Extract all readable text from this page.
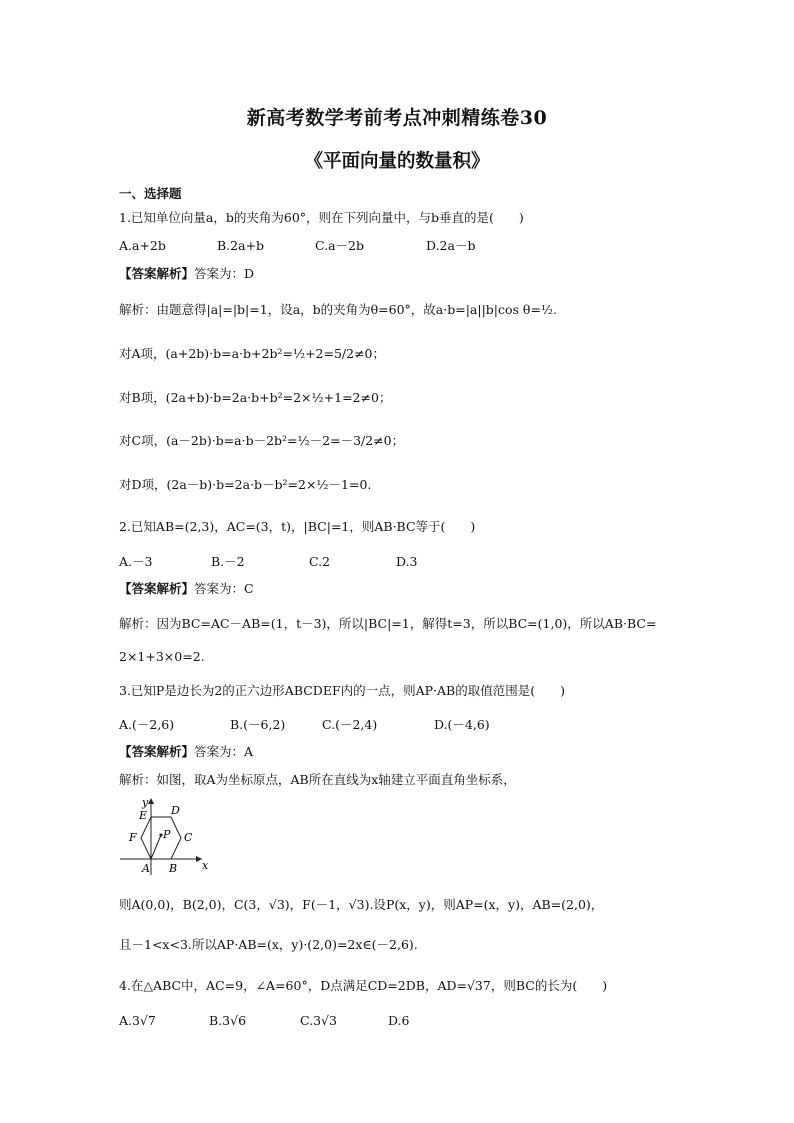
新高考数学考前考点冲刺精练卷30
《平面向量的数量积》
一、选择题
1.已知单位向量a，b的夹角为60°，则在下列向量中，与b垂直的是(　　)
A.a+2b	B.2a+b	C.a－2b	D.2a－b
【答案解析】答案为：D
解析：由题意得|a|=|b|=1，设a，b的夹角为θ=60°，故a·b=|a||b|cos θ=½.
对A项，(a+2b)·b=a·b+2b²=½+2=5/2≠0；
对B项，(2a+b)·b=2a·b+b²=2×½+1=2≠0；
对C项，(a－2b)·b=a·b－2b²=½－2=－3/2≠0；
对D项，(2a－b)·b=2a·b－b²=2×½－1=0.
2.已知AB=(2,3)，AC=(3，t)，|BC|=1，则AB·BC等于(　　)
A.－3	B.－2	C.2	D.3
【答案解析】答案为：C
解析：因为BC=AC－AB=(1，t－3)，所以|BC|=1，解得t=3，所以BC=(1,0)，所以AB·BC=
2×1+3×0=2.
3.已知P是边长为2的正六边形ABCDEF内的一点，则AP·AB的取值范围是(　　)
A.(－2,6)	B.(－6,2)	C.(－2,4)	D.(－4,6)
【答案解析】答案为：A
解析：如图，取A为坐标原点，AB所在直线为x轴建立平面直角坐标系，
y
x
A B
C
D
E
F P
则A(0,0)，B(2,0)，C(3，√3)，F(－1，√3).设P(x，y)，则AP=(x，y)，AB=(2,0)，
且－1<x<3.所以AP·AB=(x，y)·(2,0)=2x∈(－2,6).
4.在△ABC中，AC=9，∠A=60°，D点满足CD=2DB，AD=√37，则BC的长为(　　)
A.3√7	B.3√6	C.3√3	D.6
